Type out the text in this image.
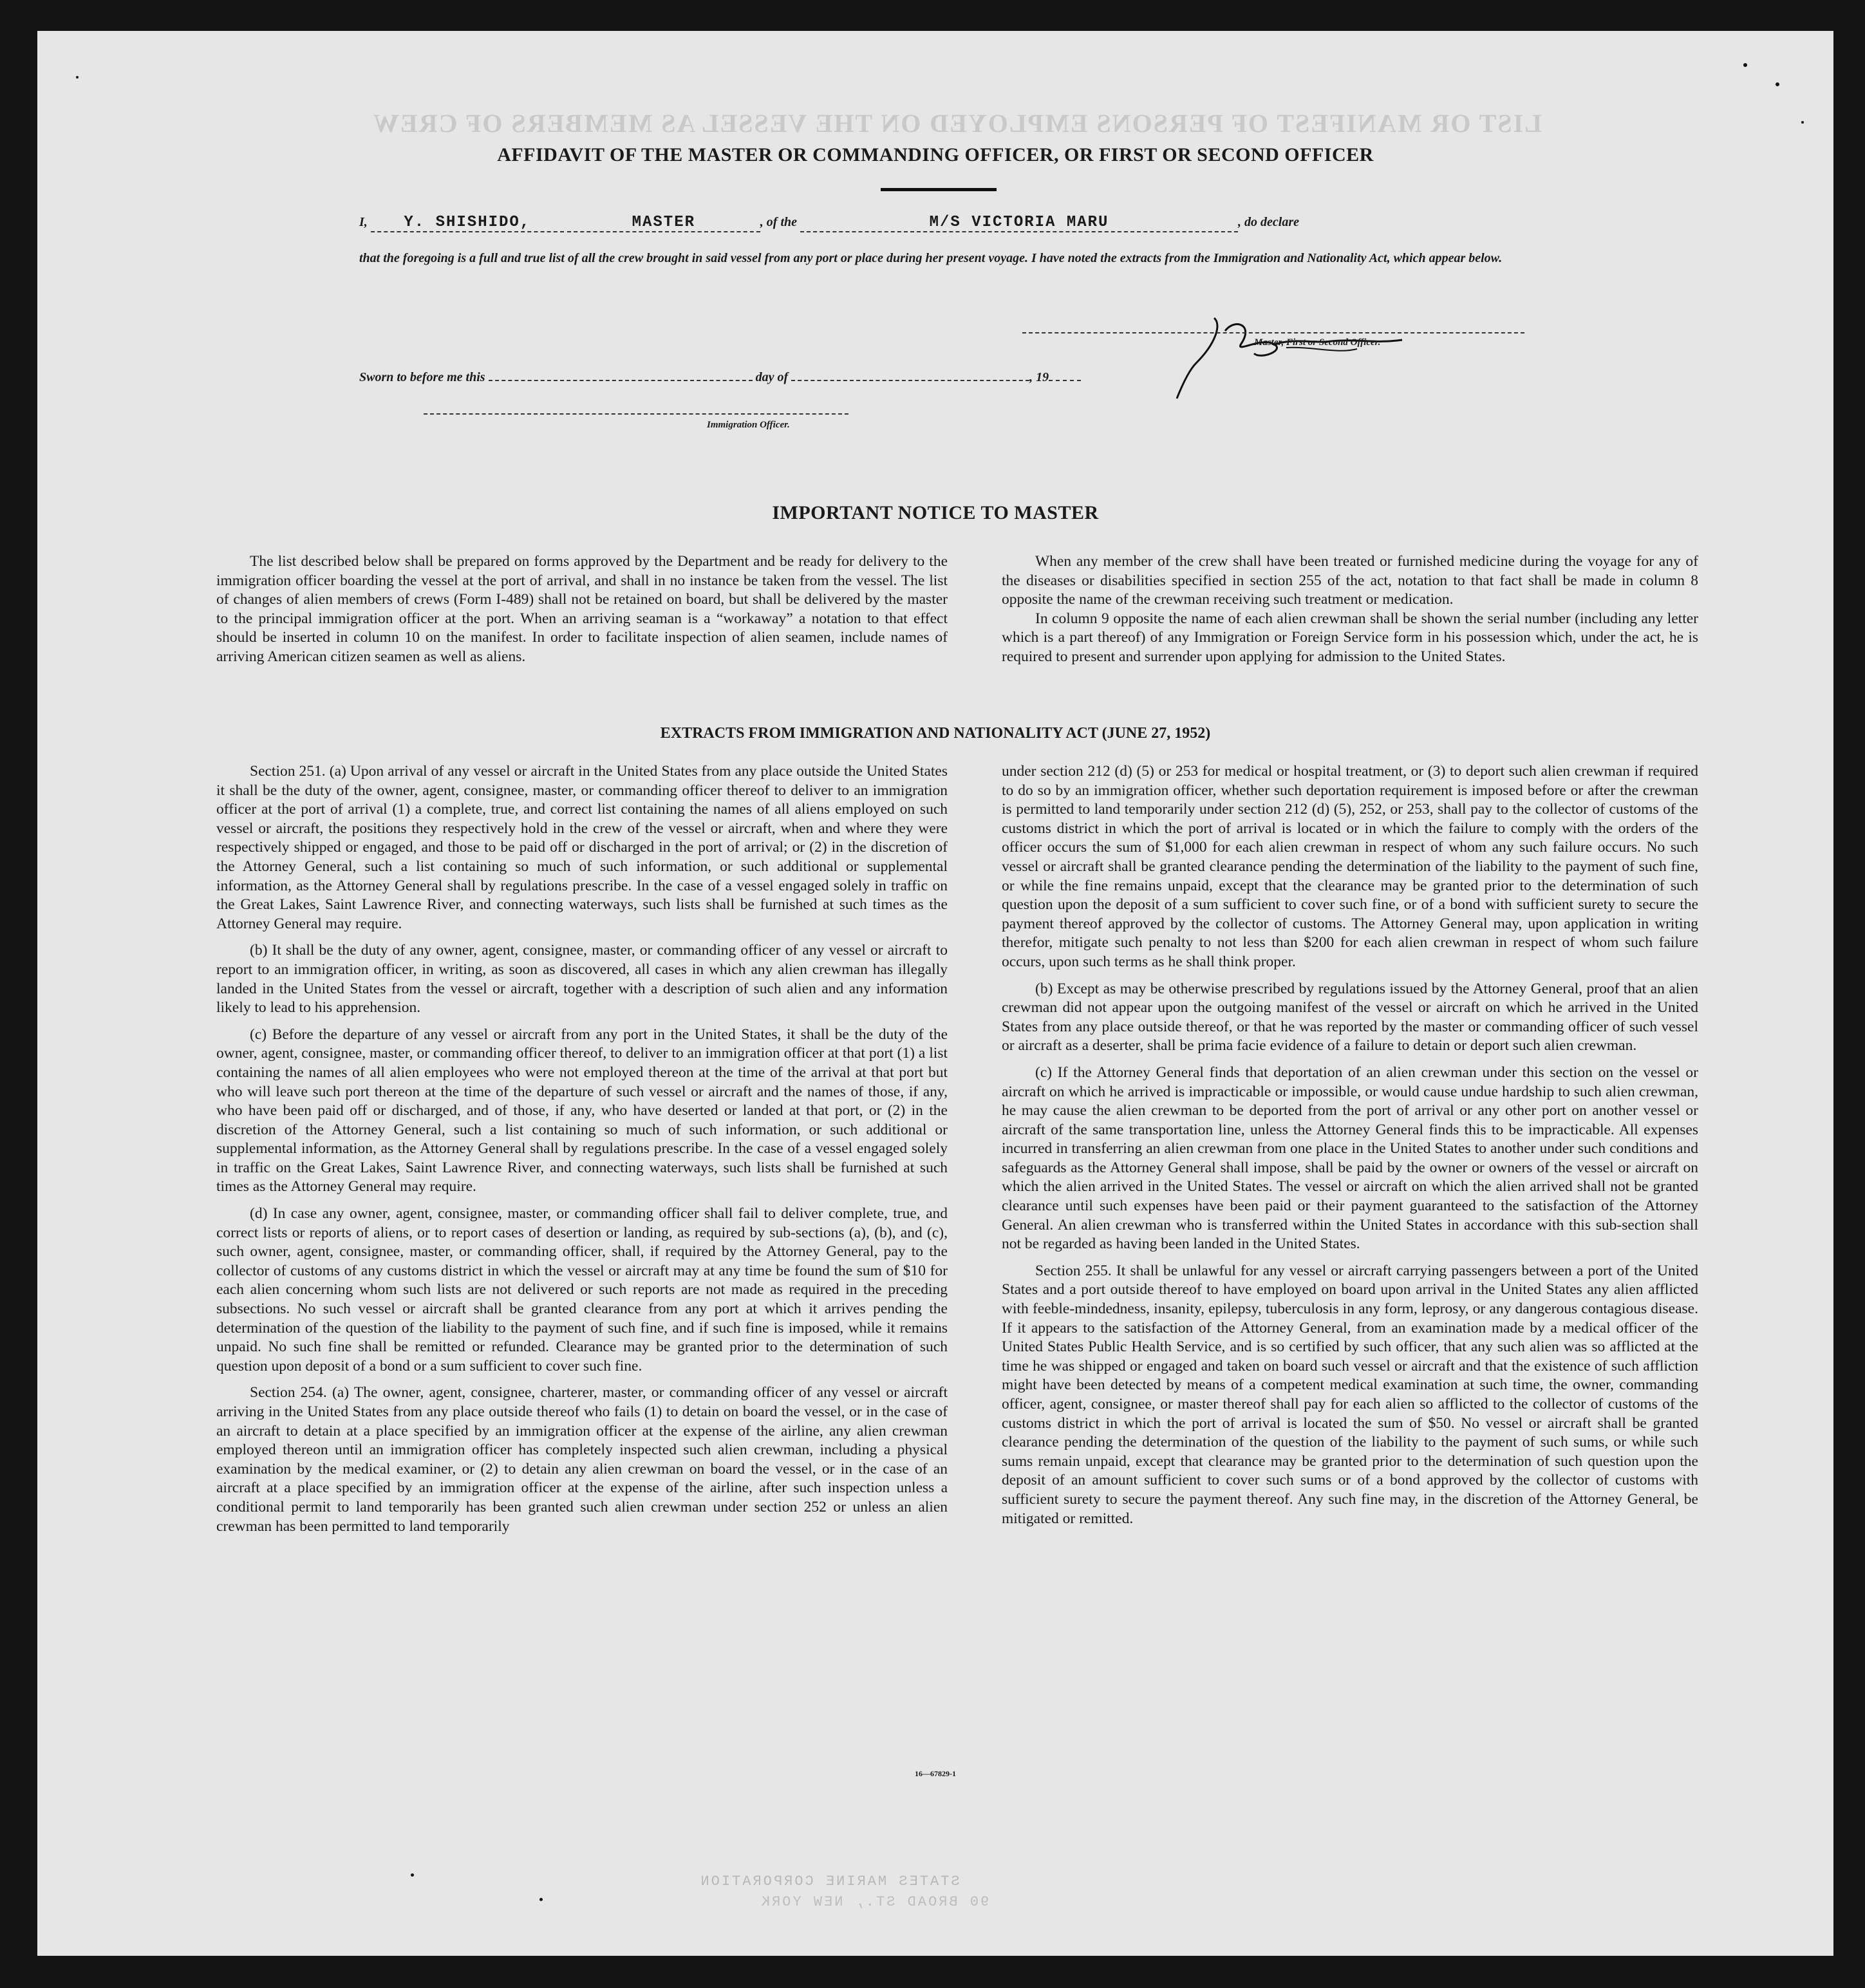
LIST OR MANIFEST OF PERSONS EMPLOYED ON THE VESSEL AS MEMBERS OF CREW
AFFIDAVIT OF THE MASTER OR COMMANDING OFFICER, OR FIRST OR SECOND OFFICER
I, Y. SHISHIDO,	MASTER	, of the	M/S VICTORIA MARU	, do declare
that the foregoing is a full and true list of all the crew brought in said vessel from any port or place during her present voyage. I have noted the extracts from the Immigration and Nationality Act, which appear below.
Master, First or Second Officer.
Sworn to before me this	day of	, 19
Immigration Officer.
IMPORTANT NOTICE TO MASTER

The list described below shall be prepared on forms approved by the Department and be ready for delivery to the immigration officer boarding the vessel at the port of arrival, and shall in no instance be taken from the vessel. The list of changes of alien members of crews (Form I-489) shall not be retained on board, but shall be delivered by the master to the principal immigration officer at the port. When an arriving seaman is a “workaway” a notation to that effect should be inserted in column 10 on the manifest. In order to facilitate inspection of alien seamen, include names of arriving American citizen seamen as well as aliens.

When any member of the crew shall have been treated or furnished medicine during the voyage for any of the diseases or disabilities specified in section 255 of the act, notation to that fact shall be made in column 8 opposite the name of the crewman receiving such treatment or medication.

In column 9 opposite the name of each alien crewman shall be shown the serial number (including any letter which is a part thereof) of any Immigration or Foreign Service form in his possession which, under the act, he is required to present and surrender upon applying for admission to the United States.

EXTRACTS FROM IMMIGRATION AND NATIONALITY ACT (JUNE 27, 1952)

Section 251. (a) Upon arrival of any vessel or aircraft in the United States from any place outside the United States it shall be the duty of the owner, agent, consignee, master, or commanding officer thereof to deliver to an immigration officer at the port of arrival (1) a complete, true, and correct list containing the names of all aliens employed on such vessel or aircraft, the positions they respectively hold in the crew of the vessel or aircraft, when and where they were respectively shipped or engaged, and those to be paid off or discharged in the port of arrival; or (2) in the discretion of the Attorney General, such a list containing so much of such information, or such additional or supplemental information, as the Attorney General shall by regulations prescribe. In the case of a vessel engaged solely in traffic on the Great Lakes, Saint Lawrence River, and connecting waterways, such lists shall be furnished at such times as the Attorney General may require.

(b) It shall be the duty of any owner, agent, consignee, master, or commanding officer of any vessel or aircraft to report to an immigration officer, in writing, as soon as discovered, all cases in which any alien crewman has illegally landed in the United States from the vessel or aircraft, together with a description of such alien and any information likely to lead to his apprehension.

(c) Before the departure of any vessel or aircraft from any port in the United States, it shall be the duty of the owner, agent, consignee, master, or commanding officer thereof, to deliver to an immigration officer at that port (1) a list containing the names of all alien employees who were not employed thereon at the time of the arrival at that port but who will leave such port thereon at the time of the departure of such vessel or aircraft and the names of those, if any, who have been paid off or discharged, and of those, if any, who have deserted or landed at that port, or (2) in the discretion of the Attorney General, such a list containing so much of such information, or such additional or supplemental information, as the Attorney General shall by regulations prescribe. In the case of a vessel engaged solely in traffic on the Great Lakes, Saint Lawrence River, and connecting waterways, such lists shall be furnished at such times as the Attorney General may require.

(d) In case any owner, agent, consignee, master, or commanding officer shall fail to deliver complete, true, and correct lists or reports of aliens, or to report cases of desertion or landing, as required by sub-sections (a), (b), and (c), such owner, agent, consignee, master, or commanding officer, shall, if required by the Attorney General, pay to the collector of customs of any customs district in which the vessel or aircraft may at any time be found the sum of $10 for each alien concerning whom such lists are not delivered or such reports are not made as required in the preceding subsections. No such vessel or aircraft shall be granted clearance from any port at which it arrives pending the determination of the question of the liability to the payment of such fine, and if such fine is imposed, while it remains unpaid. No such fine shall be remitted or refunded. Clearance may be granted prior to the determination of such question upon deposit of a bond or a sum sufficient to cover such fine.

Section 254. (a) The owner, agent, consignee, charterer, master, or commanding officer of any vessel or aircraft arriving in the United States from any place outside thereof who fails (1) to detain on board the vessel, or in the case of an aircraft to detain at a place specified by an immigration officer at the expense of the airline, any alien crewman employed thereon until an immigration officer has completely inspected such alien crewman, including a physical examination by the medical examiner, or (2) to detain any alien crewman on board the vessel, or in the case of an aircraft at a place specified by an immigration officer at the expense of the airline, after such inspection unless a conditional permit to land temporarily has been granted such alien crewman under section 252 or unless an alien crewman has been permitted to land temporarily

under section 212 (d) (5) or 253 for medical or hospital treatment, or (3) to deport such alien crewman if required to do so by an immigration officer, whether such deportation requirement is imposed before or after the crewman is permitted to land temporarily under section 212 (d) (5), 252, or 253, shall pay to the collector of customs of the customs district in which the port of arrival is located or in which the failure to comply with the orders of the officer occurs the sum of $1,000 for each alien crewman in respect of whom any such failure occurs. No such vessel or aircraft shall be granted clearance pending the determination of the liability to the payment of such fine, or while the fine remains unpaid, except that the clearance may be granted prior to the determination of such question upon the deposit of a sum sufficient to cover such fine, or of a bond with sufficient surety to secure the payment thereof approved by the collector of customs. The Attorney General may, upon application in writing therefor, mitigate such penalty to not less than $200 for each alien crewman in respect of whom such failure occurs, upon such terms as he shall think proper.

(b) Except as may be otherwise prescribed by regulations issued by the Attorney General, proof that an alien crewman did not appear upon the outgoing manifest of the vessel or aircraft on which he arrived in the United States from any place outside thereof, or that he was reported by the master or commanding officer of such vessel or aircraft as a deserter, shall be prima facie evidence of a failure to detain or deport such alien crewman.

(c) If the Attorney General finds that deportation of an alien crewman under this section on the vessel or aircraft on which he arrived is impracticable or impossible, or would cause undue hardship to such alien crewman, he may cause the alien crewman to be deported from the port of arrival or any other port on another vessel or aircraft of the same transportation line, unless the Attorney General finds this to be impracticable. All expenses incurred in transferring an alien crewman from one place in the United States to another under such conditions and safeguards as the Attorney General shall impose, shall be paid by the owner or owners of the vessel or aircraft on which the alien arrived in the United States. The vessel or aircraft on which the alien arrived shall not be granted clearance until such expenses have been paid or their payment guaranteed to the satisfaction of the Attorney General. An alien crewman who is transferred within the United States in accordance with this sub-section shall not be regarded as having been landed in the United States.

Section 255. It shall be unlawful for any vessel or aircraft carrying passengers between a port of the United States and a port outside thereof to have employed on board upon arrival in the United States any alien afflicted with feeble-mindedness, insanity, epilepsy, tuberculosis in any form, leprosy, or any dangerous contagious disease. If it appears to the satisfaction of the Attorney General, from an examination made by a medical officer of the United States Public Health Service, and is so certified by such officer, that any such alien was so afflicted at the time he was shipped or engaged and taken on board such vessel or aircraft and that the existence of such affliction might have been detected by means of a competent medical examination at such time, the owner, commanding officer, agent, consignee, or master thereof shall pay for each alien so afflicted to the collector of customs of the customs district in which the port of arrival is located the sum of $50. No vessel or aircraft shall be granted clearance pending the determination of the question of the liability to the payment of such sums, or while such sums remain unpaid, except that clearance may be granted prior to the determination of such question upon the deposit of an amount sufficient to cover such sums or of a bond approved by the collector of customs with sufficient surety to secure the payment thereof. Any such fine may, in the discretion of the Attorney General, be mitigated or remitted.

16—67829-1
STATES MARINE CORPORATION
90 BROAD ST., NEW YORK
